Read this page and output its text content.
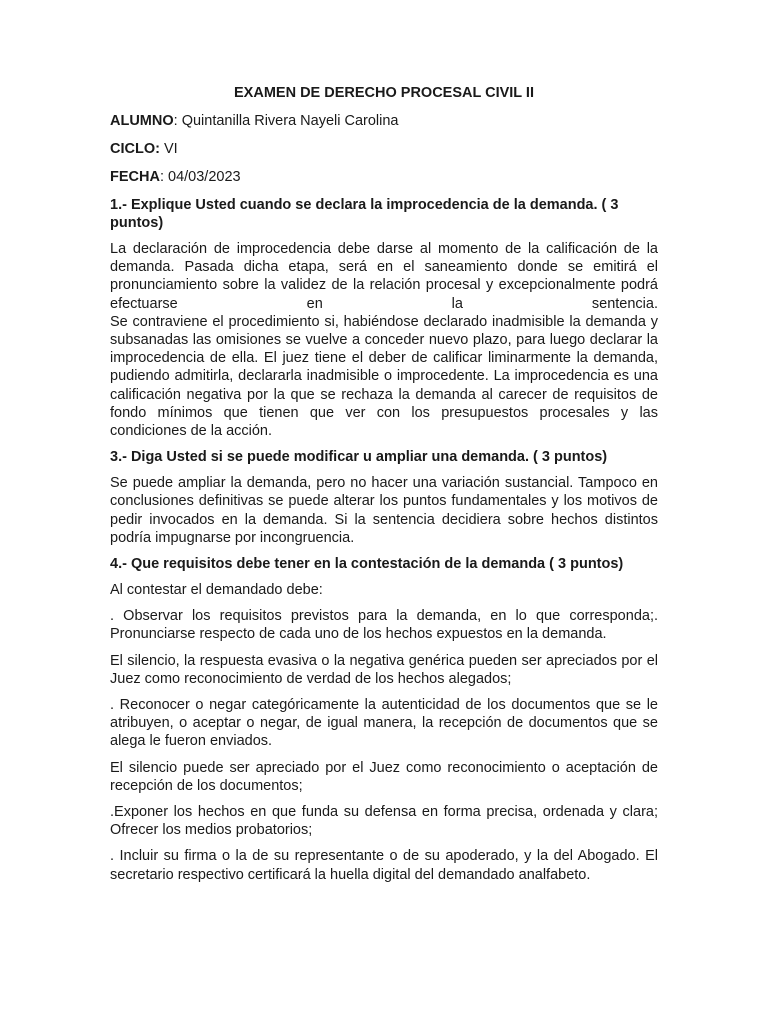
EXAMEN DE DERECHO PROCESAL CIVIL II
ALUMNO: Quintanilla Rivera Nayeli Carolina
CICLO: VI
FECHA: 04/03/2023
1.- Explique Usted cuando se declara la improcedencia de la demanda. ( 3 puntos)
La declaración de improcedencia debe darse al momento de la calificación de la demanda. Pasada dicha etapa, será en el saneamiento donde se emitirá el pronunciamiento sobre la validez de la relación procesal y excepcionalmente podrá efectuarse en la sentencia.
Se contraviene el procedimiento si, habiéndose declarado inadmisible la demanda y subsanadas las omisiones se vuelve a conceder nuevo plazo, para luego declarar la improcedencia de ella. El juez tiene el deber de calificar liminarmente la demanda, pudiendo admitirla, declararla inadmisible o improcedente. La improcedencia es una calificación negativa por la que se rechaza la demanda al carecer de requisitos de fondo mínimos que tienen que ver con los presupuestos procesales y las condiciones de la acción.
3.- Diga Usted si se puede modificar u ampliar una demanda. ( 3 puntos)
Se puede ampliar la demanda, pero no hacer una variación sustancial. Tampoco en conclusiones definitivas se puede alterar los puntos fundamentales y los motivos de pedir invocados en la demanda. Si la sentencia decidiera sobre hechos distintos podría impugnarse por incongruencia.
4.- Que requisitos debe tener en la contestación de la demanda ( 3 puntos)
Al contestar el demandado debe:
. Observar los requisitos previstos para la demanda, en lo que corresponda;. Pronunciarse respecto de cada uno de los hechos expuestos en la demanda.
El silencio, la respuesta evasiva o la negativa genérica pueden ser apreciados por el Juez como reconocimiento de verdad de los hechos alegados;
. Reconocer o negar categóricamente la autenticidad de los documentos que se le atribuyen, o aceptar o negar, de igual manera, la recepción de documentos que se alega le fueron enviados.
El silencio puede ser apreciado por el Juez como reconocimiento o aceptación de recepción de los documentos;
.Exponer los hechos en que funda su defensa en forma precisa, ordenada y clara; Ofrecer los medios probatorios;
. Incluir su firma o la de su representante o de su apoderado, y la del Abogado. El secretario respectivo certificará la huella digital del demandado analfabeto.
